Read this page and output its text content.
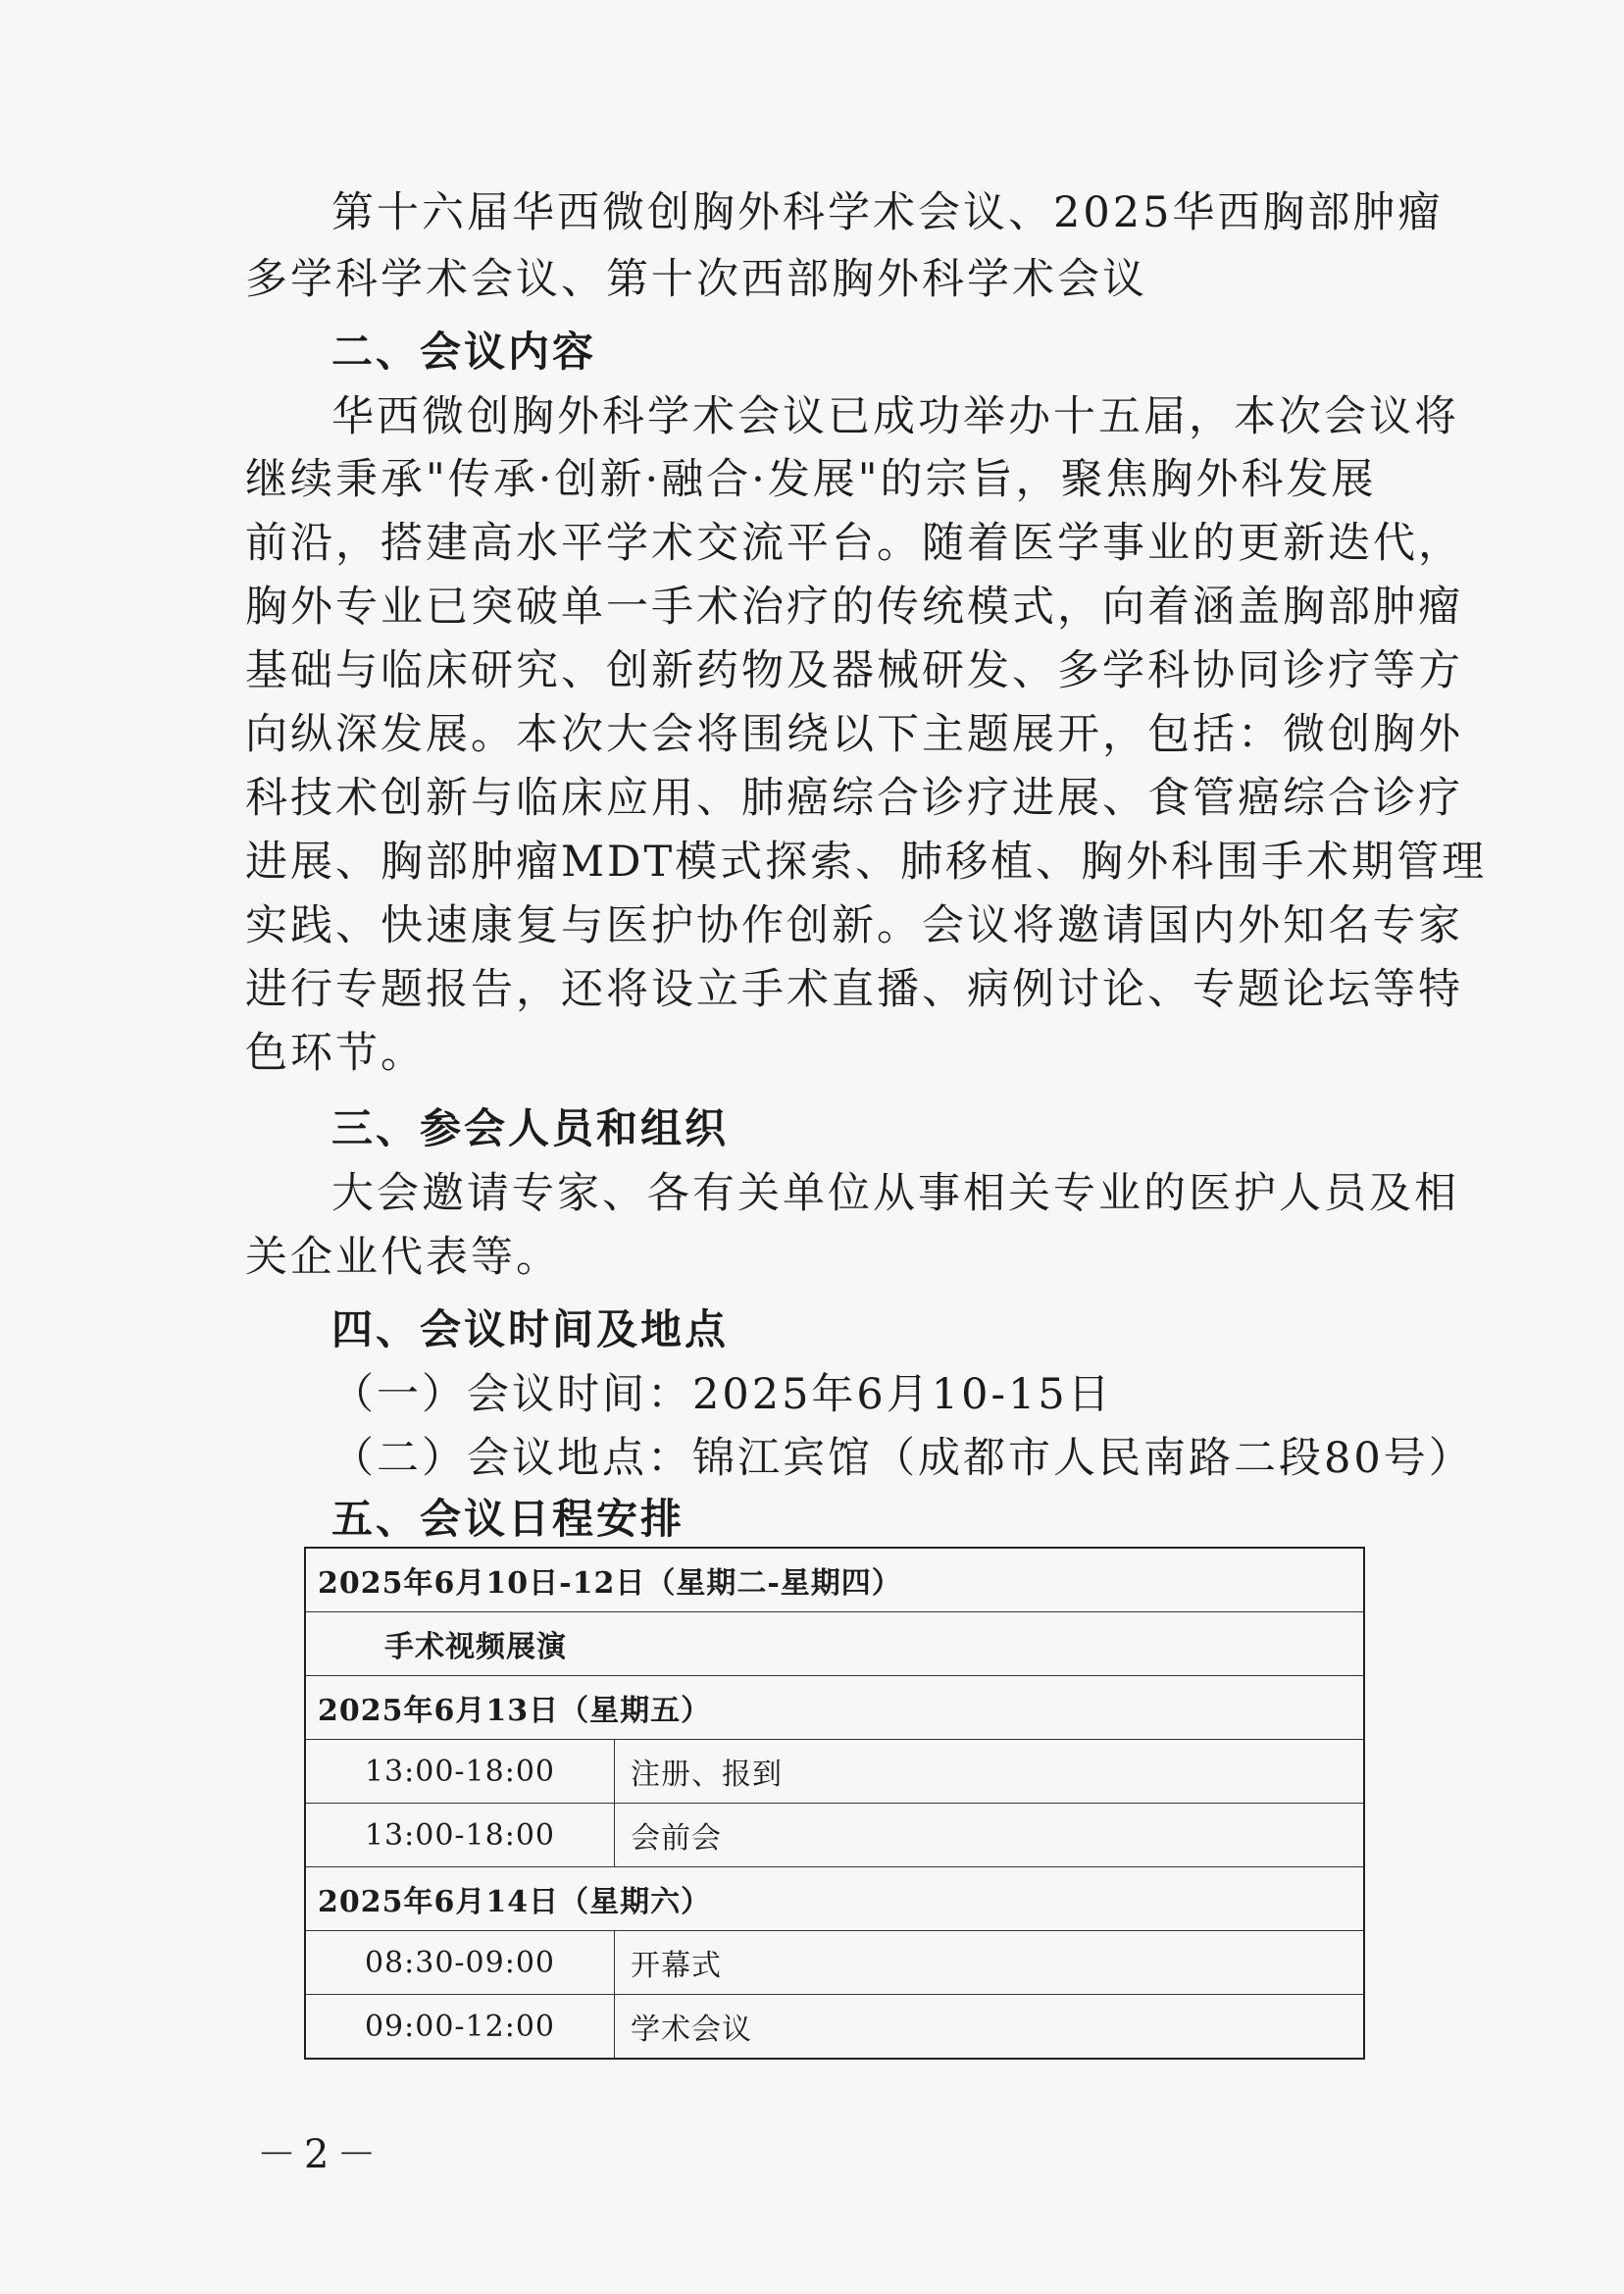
第十六届华西微创胸外科学术会议、2025华西胸部肿瘤
多学科学术会议、第十次西部胸外科学术会议
二、会议内容
华西微创胸外科学术会议已成功举办十五届，本次会议将
继续秉承"传承·创新·融合·发展"的宗旨，聚焦胸外科发展
前沿，搭建高水平学术交流平台。随着医学事业的更新迭代，
胸外专业已突破单一手术治疗的传统模式，向着涵盖胸部肿瘤
基础与临床研究、创新药物及器械研发、多学科协同诊疗等方
向纵深发展。本次大会将围绕以下主题展开，包括：微创胸外
科技术创新与临床应用、肺癌综合诊疗进展、食管癌综合诊疗
进展、胸部肿瘤MDT模式探索、肺移植、胸外科围手术期管理
实践、快速康复与医护协作创新。会议将邀请国内外知名专家
进行专题报告，还将设立手术直播、病例讨论、专题论坛等特
色环节。
三、参会人员和组织
大会邀请专家、各有关单位从事相关专业的医护人员及相
关企业代表等。
四、会议时间及地点
（一）会议时间：2025年6月10-15日
（二）会议地点：锦江宾馆（成都市人民南路二段80号）
五、会议日程安排
2025年6月10日-12日（星期二-星期四）	
手术视频展演	
2025年6月13日（星期五）	
13:00-18:00	注册、报到
13:00-18:00	会前会
2025年6月14日（星期六）	
08:30-09:00	开幕式
09:00-12:00	学术会议
－2－
